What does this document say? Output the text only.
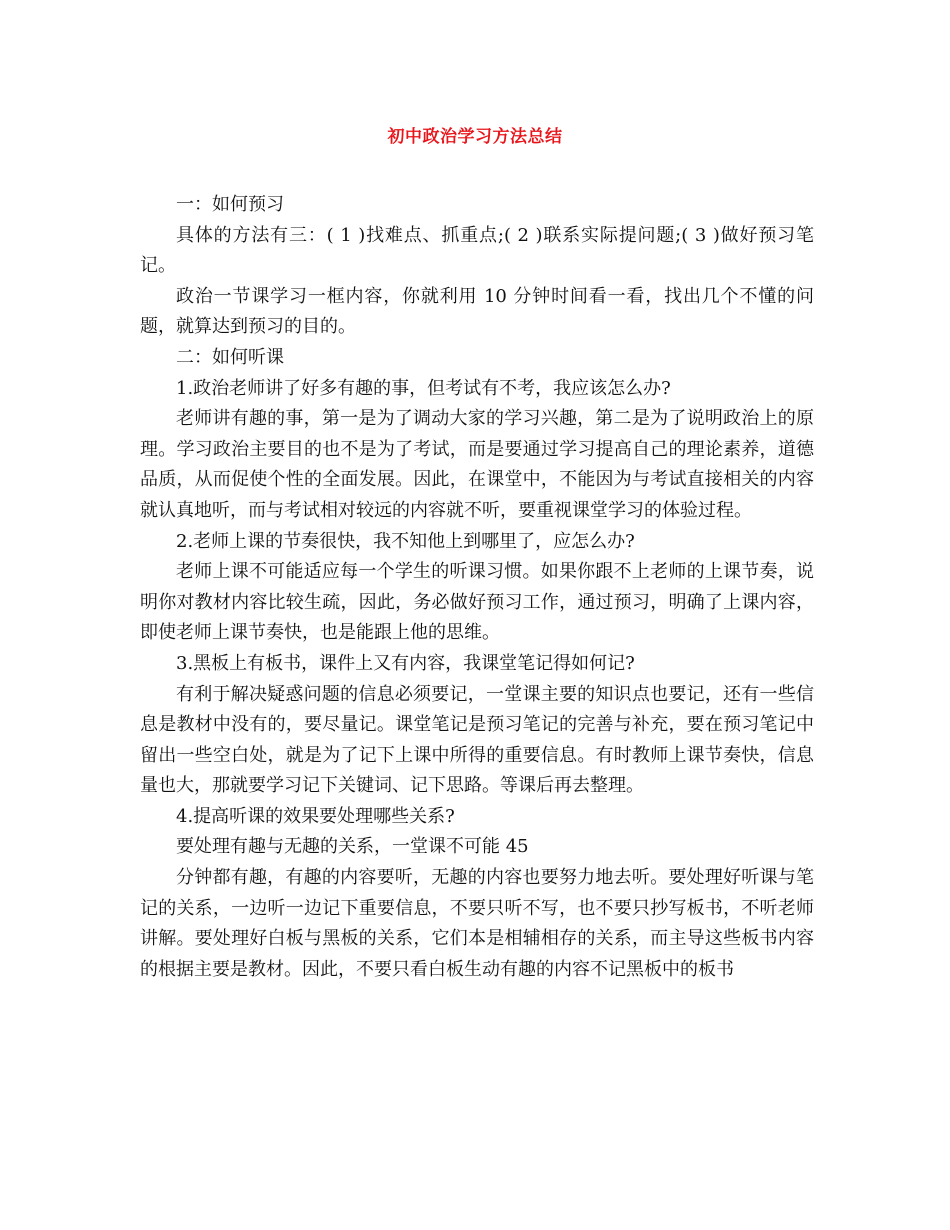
初中政治学习方法总结

一：如何预习

具体的方法有三：( 1 )找难点、抓重点;( 2 )联系实际提问题;( 3 )做好预习笔记。

政治一节课学习一框内容，你就利用 10 分钟时间看一看，找出几个不懂的问题，就算达到预习的目的。

二：如何听课

1.政治老师讲了好多有趣的事，但考试有不考，我应该怎么办?

老师讲有趣的事，第一是为了调动大家的学习兴趣，第二是为了说明政治上的原理。学习政治主要目的也不是为了考试，而是要通过学习提高自己的理论素养，道德品质，从而促使个性的全面发展。因此，在课堂中，不能因为与考试直接相关的内容就认真地听，而与考试相对较远的内容就不听，要重视课堂学习的体验过程。

2.老师上课的节奏很快，我不知他上到哪里了，应怎么办?

老师上课不可能适应每一个学生的听课习惯。如果你跟不上老师的上课节奏，说明你对教材内容比较生疏，因此，务必做好预习工作，通过预习，明确了上课内容，即使老师上课节奏快，也是能跟上他的思维。

3.黑板上有板书，课件上又有内容，我课堂笔记得如何记?

有利于解决疑惑问题的信息必须要记，一堂课主要的知识点也要记，还有一些信息是教材中没有的，要尽量记。课堂笔记是预习笔记的完善与补充，要在预习笔记中留出一些空白处，就是为了记下上课中所得的重要信息。有时教师上课节奏快，信息量也大，那就要学习记下关键词、记下思路。等课后再去整理。

4.提高听课的效果要处理哪些关系?

要处理有趣与无趣的关系，一堂课不可能 45

分钟都有趣，有趣的内容要听，无趣的内容也要努力地去听。要处理好听课与笔记的关系，一边听一边记下重要信息，不要只听不写，也不要只抄写板书，不听老师讲解。要处理好白板与黑板的关系，它们本是相辅相存的关系，而主导这些板书内容的根据主要是教材。因此，不要只看白板生动有趣的内容不记黑板中的板书
